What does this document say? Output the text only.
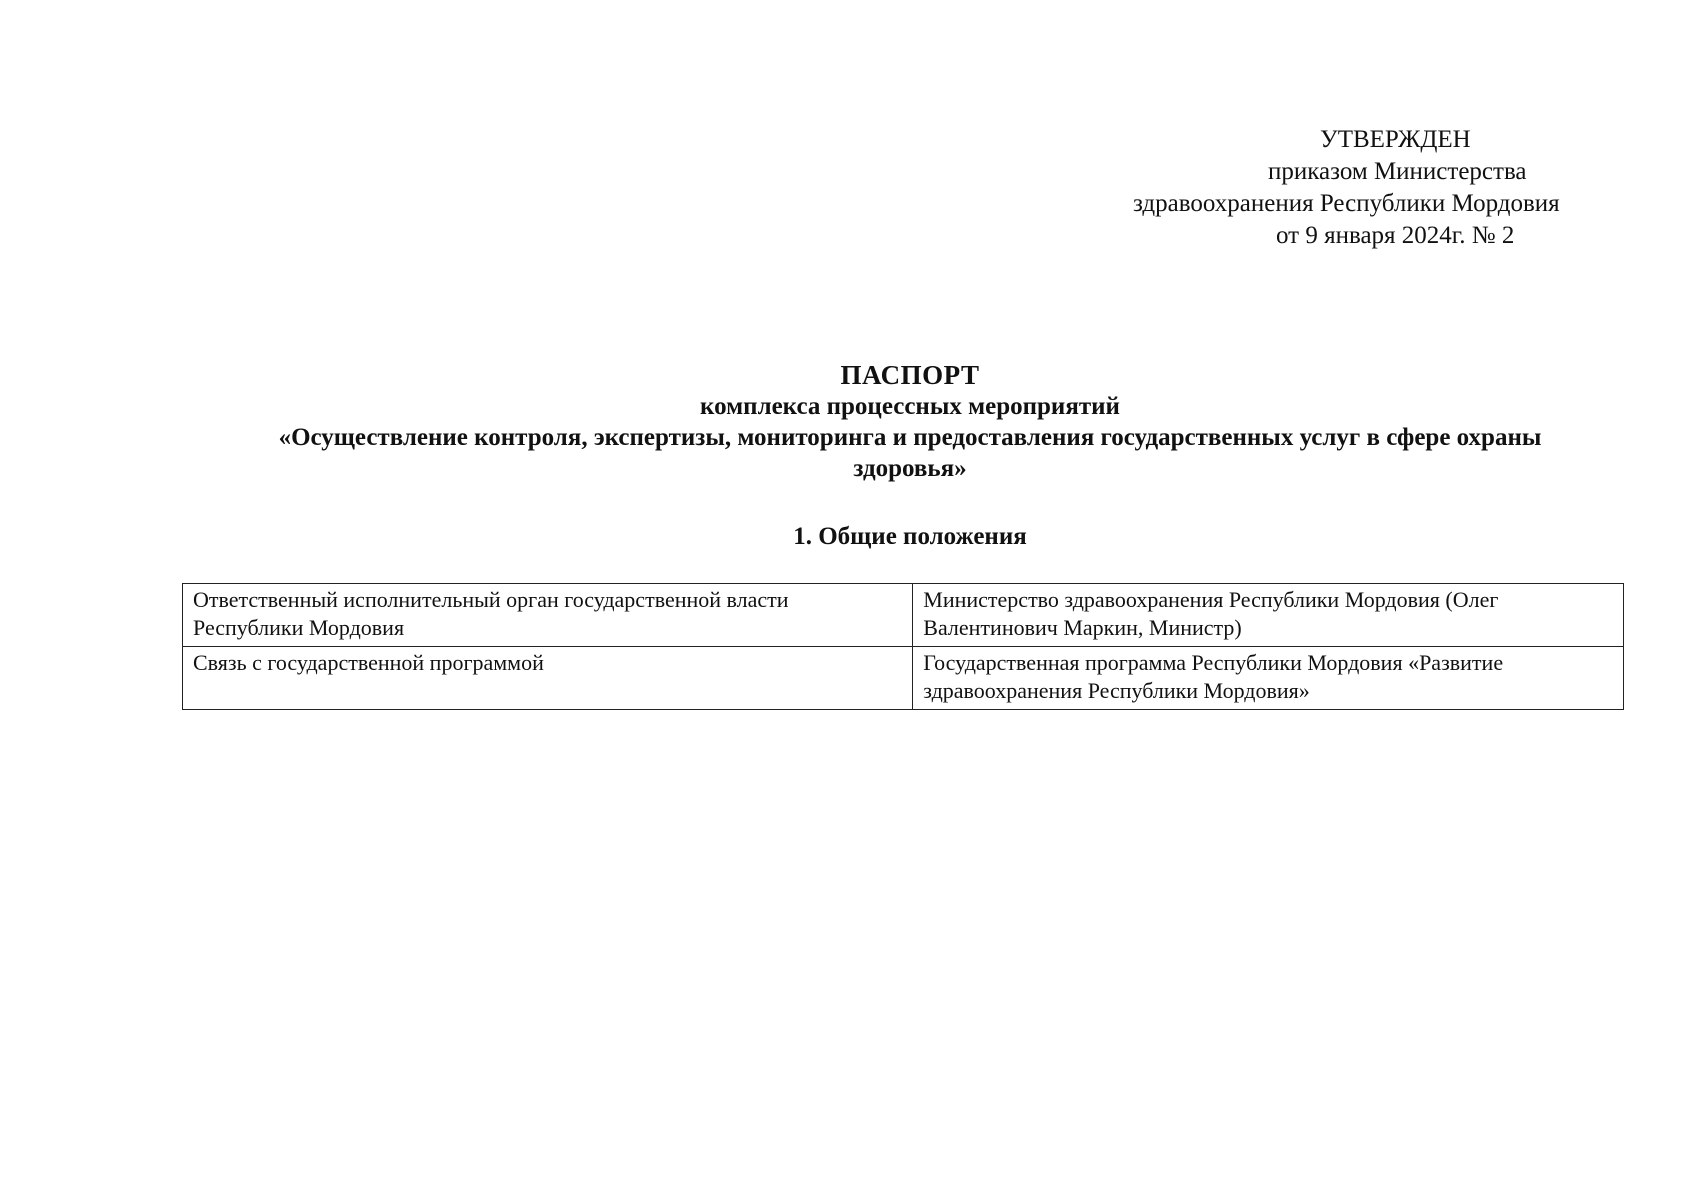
УТВЕРЖДЕН
приказом Министерства
здравоохранения Республики Мордовия
от 9 января 2024г. № 2
ПАСПОРТ
комплекса процессных мероприятий
«Осуществление контроля, экспертизы, мониторинга и предоставления государственных услуг в сфере охраны
здоровья»
1. Общие положения
Ответственный исполнительный орган государственной власти Республики Мордовия	Министерство здравоохранения Республики Мордовия (Олег Валентинович Маркин, Министр)
Связь с государственной программой	Государственная программа Республики Мордовия «Развитие здравоохранения Республики Мордовия»
